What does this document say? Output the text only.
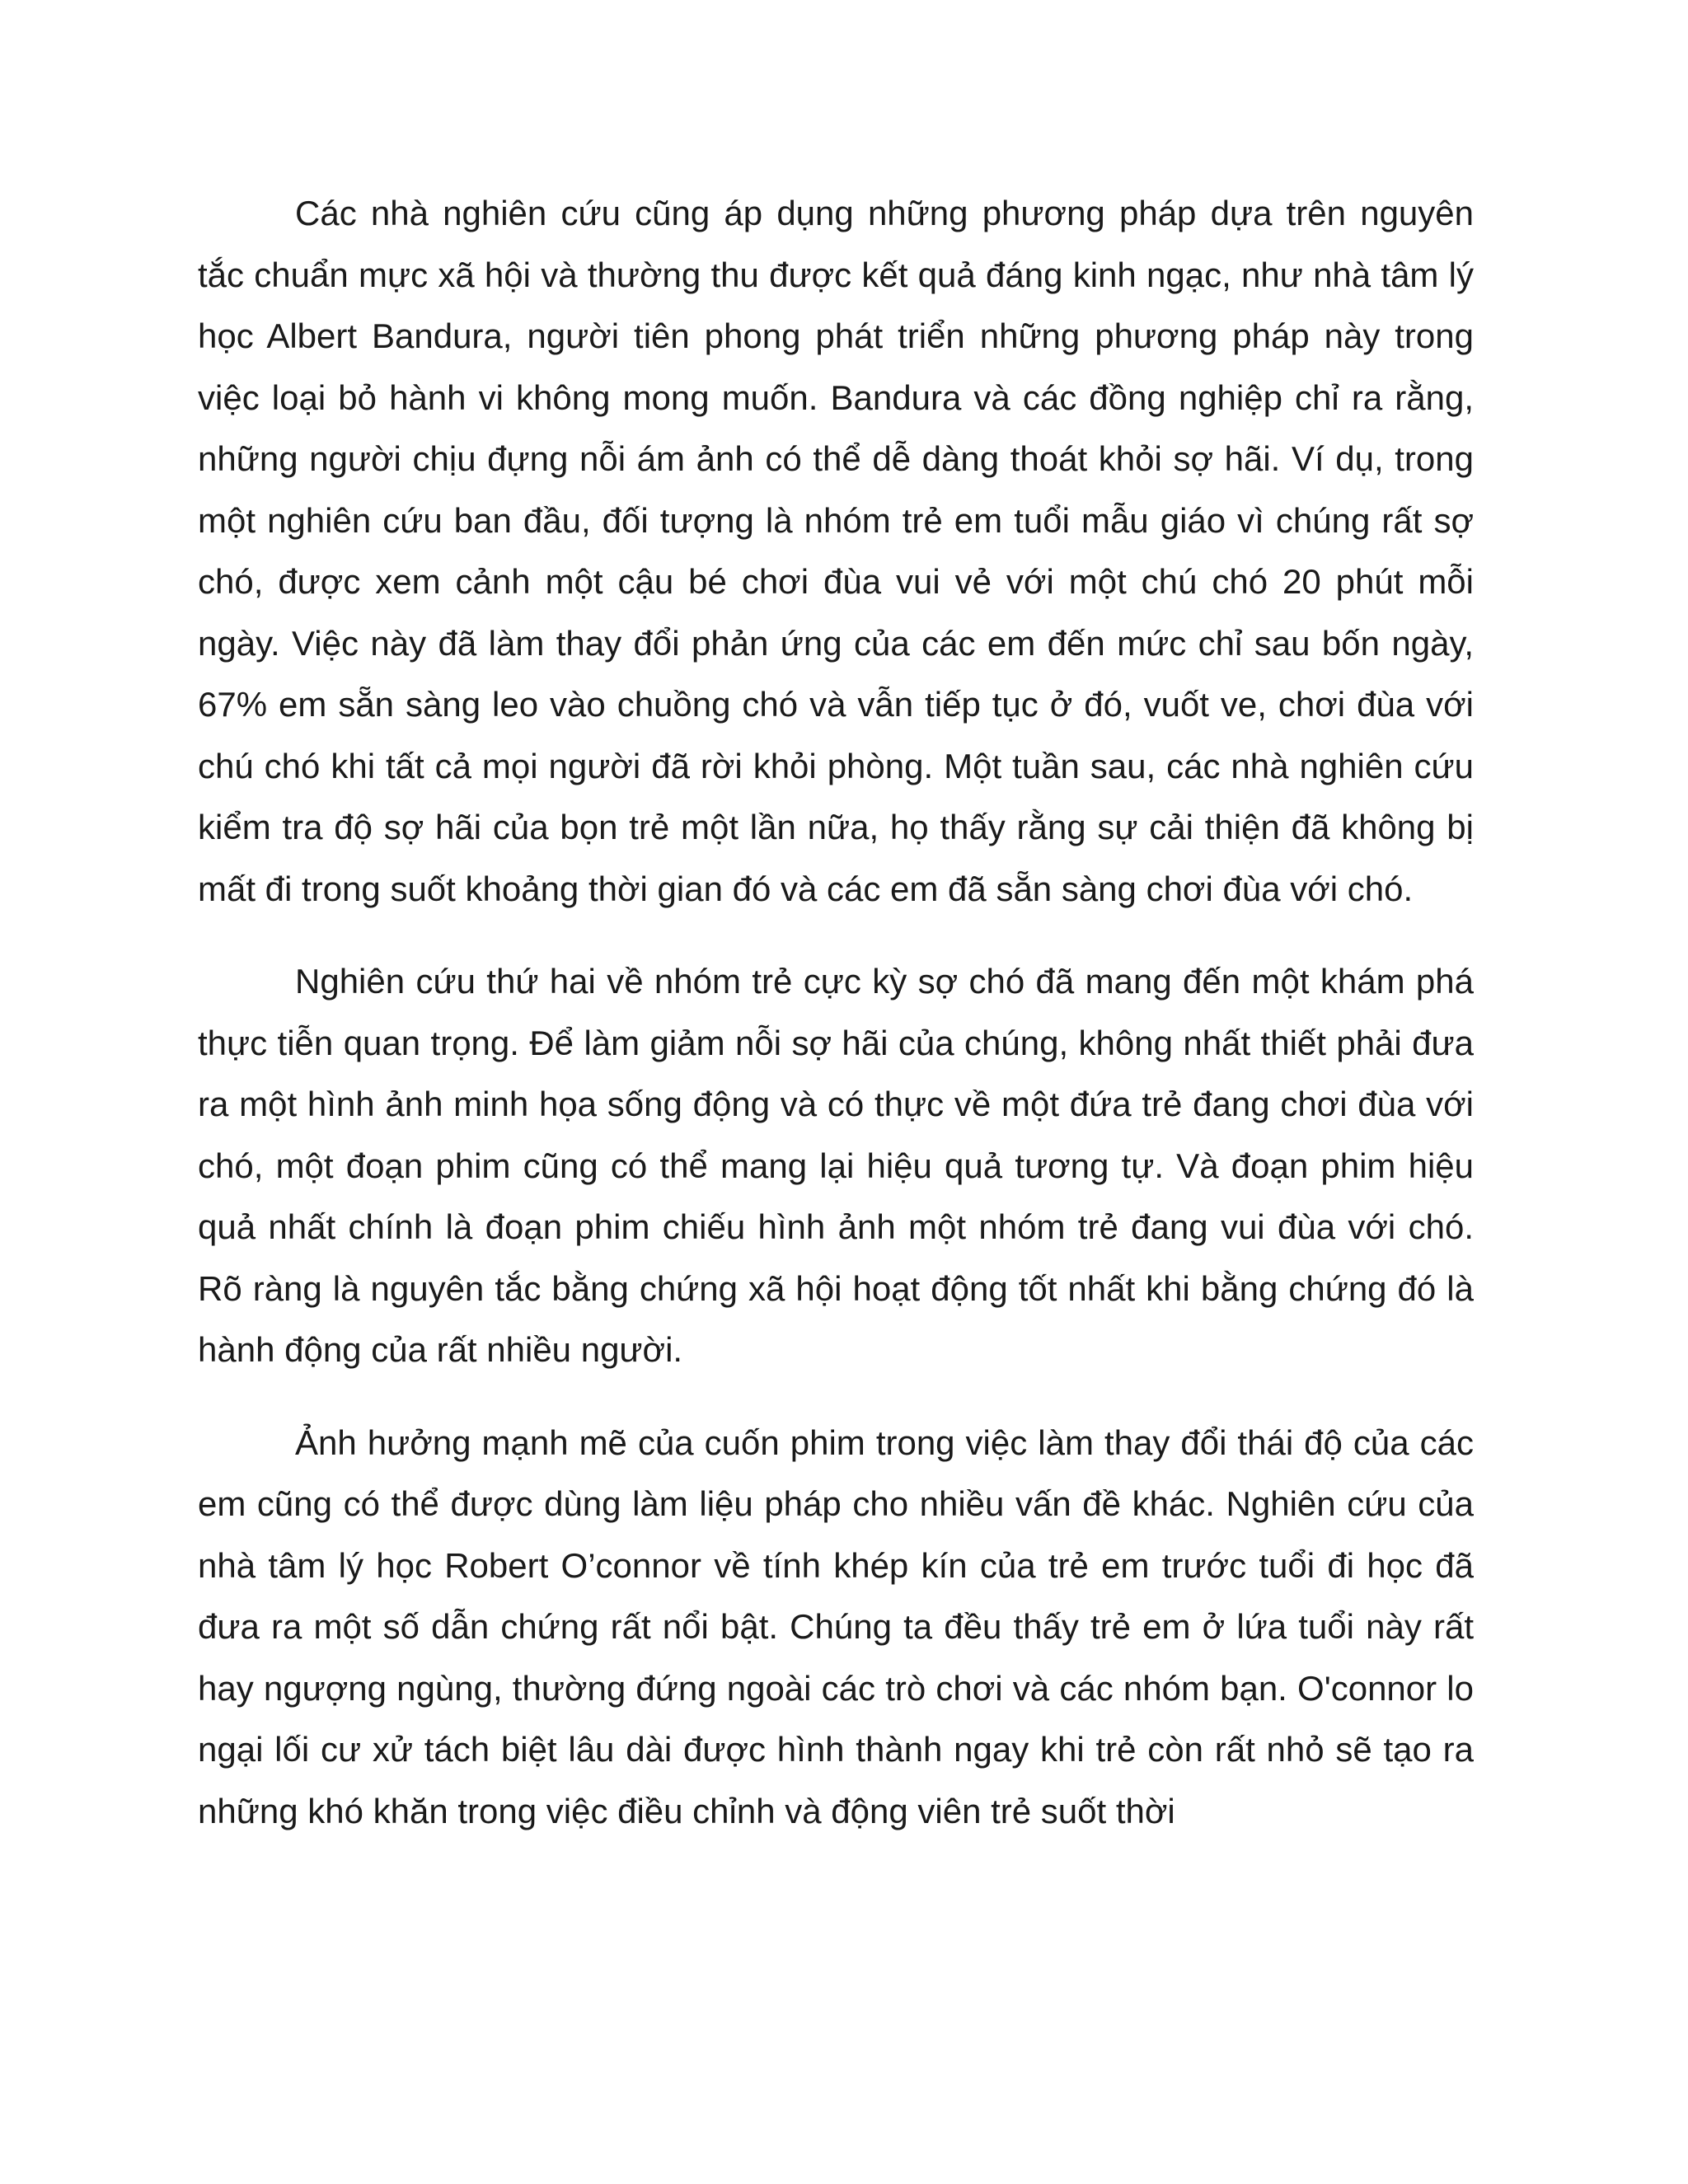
Các nhà nghiên cứu cũng áp dụng những phương pháp dựa trên nguyên tắc chuẩn mực xã hội và thường thu được kết quả đáng kinh ngạc, như nhà tâm lý học Albert Bandura, người tiên phong phát triển những phương pháp này trong việc loại bỏ hành vi không mong muốn. Bandura và các đồng nghiệp chỉ ra rằng, những người chịu đựng nỗi ám ảnh có thể dễ dàng thoát khỏi sợ hãi. Ví dụ, trong một nghiên cứu ban đầu, đối tượng là nhóm trẻ em tuổi mẫu giáo vì chúng rất sợ chó, được xem cảnh một cậu bé chơi đùa vui vẻ với một chú chó 20 phút mỗi ngày. Việc này đã làm thay đổi phản ứng của các em đến mức chỉ sau bốn ngày, 67% em sẵn sàng leo vào chuồng chó và vẫn tiếp tục ở đó, vuốt ve, chơi đùa với chú chó khi tất cả mọi người đã rời khỏi phòng. Một tuần sau, các nhà nghiên cứu kiểm tra độ sợ hãi của bọn trẻ một lần nữa, họ thấy rằng sự cải thiện đã không bị mất đi trong suốt khoảng thời gian đó và các em đã sẵn sàng chơi đùa với chó.

Nghiên cứu thứ hai về nhóm trẻ cực kỳ sợ chó đã mang đến một khám phá thực tiễn quan trọng. Để làm giảm nỗi sợ hãi của chúng, không nhất thiết phải đưa ra một hình ảnh minh họa sống động và có thực về một đứa trẻ đang chơi đùa với chó, một đoạn phim cũng có thể mang lại hiệu quả tương tự. Và đoạn phim hiệu quả nhất chính là đoạn phim chiếu hình ảnh một nhóm trẻ đang vui đùa với chó. Rõ ràng là nguyên tắc bằng chứng xã hội hoạt động tốt nhất khi bằng chứng đó là hành động của rất nhiều người.

Ảnh hưởng mạnh mẽ của cuốn phim trong việc làm thay đổi thái độ của các em cũng có thể được dùng làm liệu pháp cho nhiều vấn đề khác. Nghiên cứu của nhà tâm lý học Robert O’connor về tính khép kín của trẻ em trước tuổi đi học đã đưa ra một số dẫn chứng rất nổi bật. Chúng ta đều thấy trẻ em ở lứa tuổi này rất hay ngượng ngùng, thường đứng ngoài các trò chơi và các nhóm bạn. O'connor lo ngại lối cư xử tách biệt lâu dài được hình thành ngay khi trẻ còn rất nhỏ sẽ tạo ra những khó khăn trong việc điều chỉnh và động viên trẻ suốt thời
